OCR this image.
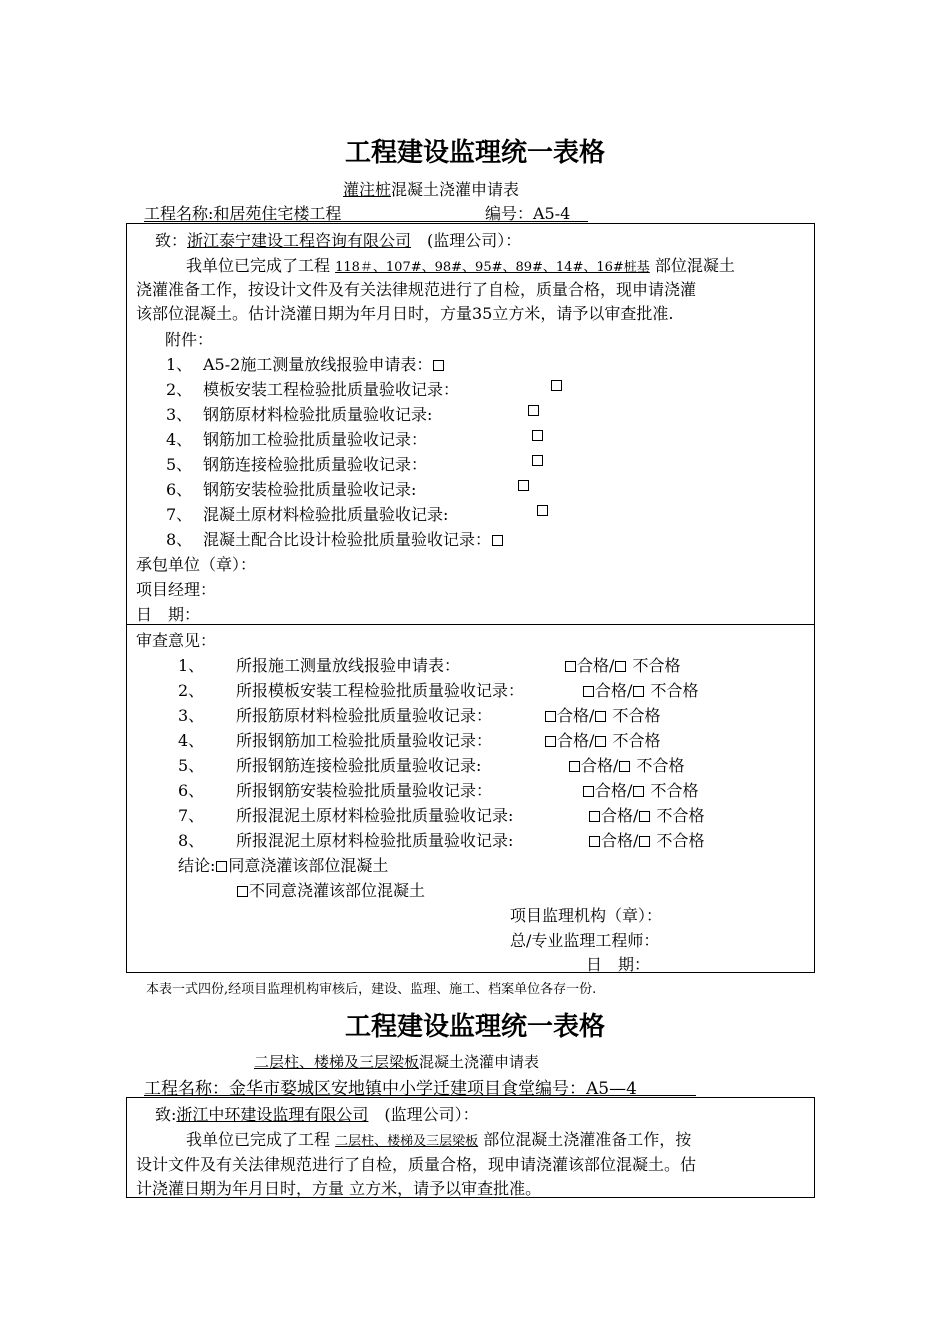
工程建设监理统一表格
灌注桩混凝土浇灌申请表
工程名称:和居苑住宅楼工程	编号：A5-4
致：浙江泰宁建设工程咨询有限公司 (监理公司）：
我单位已完成了工程 118＃、107#、98#、95#、89#、14#、16#桩基 部位混凝土
浇灌准备工作，按设计文件及有关法律规范进行了自检，质量合格，现申请浇灌
该部位混凝土。估计浇灌日期为年月日时，方量35立方米，请予以审查批准.
附件：
1、 A5-2施工测量放线报验申请表：
2、 模板安装工程检验批质量验收记录：
3、 钢筋原材料检验批质量验收记录:
4、 钢筋加工检验批质量验收记录：
5、 钢筋连接检验批质量验收记录：
6、 钢筋安装检验批质量验收记录:
7、 混凝土原材料检验批质量验收记录:
8、 混凝土配合比设计检验批质量验收记录：
承包单位（章）：
项目经理：
日　期：
审查意见：
1、 所报施工测量放线报验申请表：	合格/ 不合格
2、 所报模板安装工程检验批质量验收记录：	合格/ 不合格
3、 所报筋原材料检验批质量验收记录：	合格/ 不合格
4、 所报钢筋加工检验批质量验收记录：	合格/ 不合格
5、 所报钢筋连接检验批质量验收记录:	合格/ 不合格
6、 所报钢筋安装检验批质量验收记录：	合格/ 不合格
7、 所报混泥土原材料检验批质量验收记录:	合格/ 不合格
8、 所报混泥土原材料检验批质量验收记录:	合格/ 不合格
结论: 同意浇灌该部位混凝土
不同意浇灌该部位混凝土
项目监理机构（章）：
总/专业监理工程师：
日　期：
本表一式四份,经项目监理机构审核后，建设、监理、施工、档案单位各存一份.
工程建设监理统一表格
二层柱、楼梯及三层梁板混凝土浇灌申请表
工程名称：金华市婺城区安地镇中小学迁建项目食堂编号：A5—4
致:浙江中环建设监理有限公司 (监理公司）：
我单位已完成了工程 二层柱、楼梯及三层梁板 部位混凝土浇灌准备工作，按
设计文件及有关法律规范进行了自检，质量合格，现申请浇灌该部位混凝土。估
计浇灌日期为年月日时，方量 立方米，请予以审查批准。
